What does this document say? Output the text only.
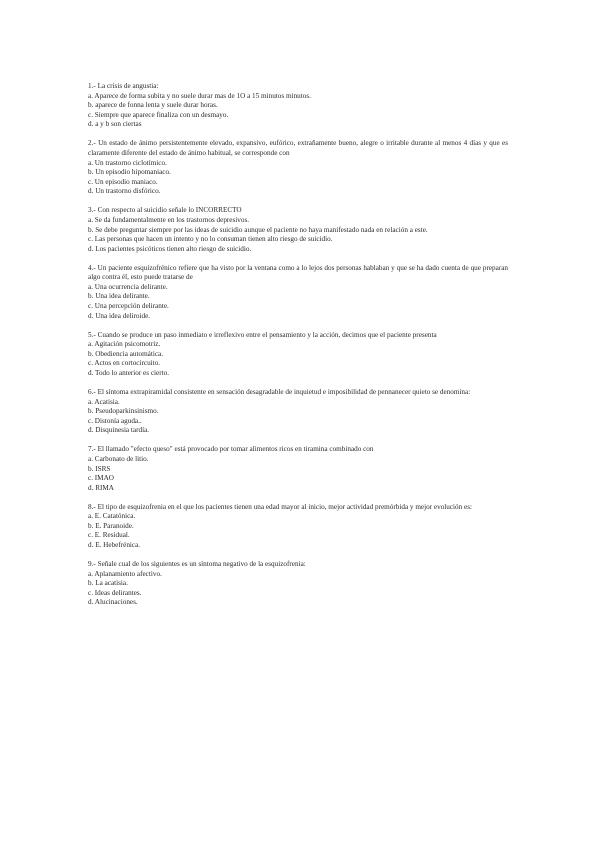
1.- La crisis de angustia:
a. Aparece de forma subita y no suele durar mas de 1O a 15 minutos minutos.
b. aparece de fonna lenta y suele durar horas.
c. Siempre que aparece finaliza con un desmayo.
d. a y b son ciertas
2.- Un estado de ánimo persistentemente elevado, expansivo, eufórico, extrañamente bueno, alegre o irritable durante al menos 4 días y que es claramente diferente del estado de ánimo habitual, se corresponde con
a. Un trastorno ciclotímico.
b. Un episodio hipomaniaco.
c. Un episodio maniaco.
d. Un trastorno disfórico.
3.- Con respecto al suicidio señale lo INCORRECTO
a. Se da fundamentalmente en los trastornos depresivos.
b. Se debe preguntar siempre por las ideas de suicidio aunque el paciente no haya manifestado nada en relación a este.
c. Las personas que hacen un intento y no lo consuman tienen alto riesgo de suicidio.
d. Los pacientes psicóticos tienen alto riesgo de suicidio.
4.- Un paciente esquizofrénico refiere que ha visto por la ventana como a lo lejos dos personas hablaban y que se ha dado cuenta de que preparan algo contra él, esto puede tratarse de
a. Una ocurrencia delirante.
b. Una idea delirante.
c. Una percepción delirante.
d. Una idea deliroide.
5.- Cuando se produce un paso inmediato e irreflexivo entre el pensamiento y la acción, decimos que el paciente presenta
a. Agitación psicomotriz.
b. Obediencia automática.
c. Actos en cortocircuito.
d. Todo lo anterior es cierto.
6.- El síntoma extrapiramidal consistente en sensación desagradable de inquietud e imposibilidad de pennanecer quieto se denomina:
a. Acatisia.
b. Pseudoparkinsinismo.
c. Distonía aguda..
d. Disquinesia tardía.
7.- El llamado "efecto queso" está provocado por tomar alimentos ricos en tiramina combinado con
a. Carbonato de litio.
b. ISRS
c. IMAO
d. RIMA
8.- El tipo de esquizofrenia en el que los pacientes tienen una edad mayor al inicio, mejor actividad premórbida y mejor evolución es:
a. E. Catatónica.
b. E. Paranoide.
c. E. Residual.
d. E. Hebefrénica.
9.- Señale cual de los siguientes es un síntoma negativo de la esquizofrenia:
a. Aplanamiento afectivo.
b. La acatisia.
c. Ideas delirantes.
d. Alucinaciones.
